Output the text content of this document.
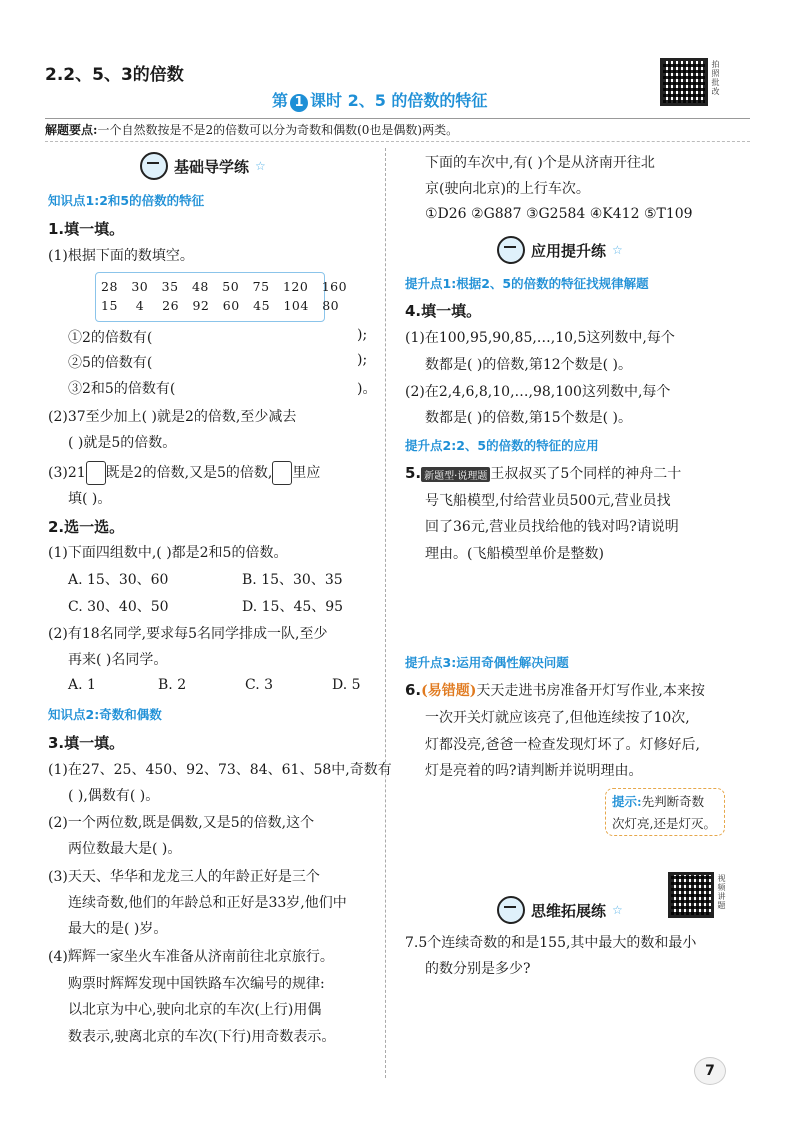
2.2、5、3的倍数
第 1 课时 2、5 的倍数的特征
拍照批改
解题要点:一个自然数按是不是2的倍数可以分为奇数和偶数(0也是偶数)两类。
基础导学练 ☆
知识点1:2和5的倍数的特征
1.填一填。
(1)根据下面的数填空。
28   30   35   48   50   75   120   160
15    4    26   92   60   45   104   80
①2的倍数有(	);
②5的倍数有(	);
③2和5的倍数有(	)。
(2)37至少加上( )就是2的倍数,至少减去
( )就是5的倍数。
(3)21 既是2的倍数,又是5的倍数, 里应
填( )。
2.选一选。
(1)下面四组数中,( )都是2和5的倍数。
A. 15、30、60	B. 15、30、35
C. 30、40、50	D. 15、45、95
(2)有18名同学,要求每5名同学排成一队,至少
再来( )名同学。
A. 1	B. 2	C. 3	D. 5
知识点2:奇数和偶数
3.填一填。
(1)在27、25、450、92、73、84、61、58中,奇数有
( ),偶数有( )。
(2)一个两位数,既是偶数,又是5的倍数,这个
两位数最大是( )。
(3)天天、华华和龙龙三人的年龄正好是三个
连续奇数,他们的年龄总和正好是33岁,他们中
最大的是( )岁。
(4)辉辉一家坐火车准备从济南前往北京旅行。
购票时辉辉发现中国铁路车次编号的规律:
以北京为中心,驶向北京的车次(上行)用偶
数表示,驶离北京的车次(下行)用奇数表示。
下面的车次中,有( )个是从济南开往北
京(驶向北京)的上行车次。
①D26 ②G887 ③G2584 ④K412 ⑤T109
应用提升练 ☆
提升点1:根据2、5的倍数的特征找规律解题
4.填一填。
(1)在100,95,90,85,…,10,5这列数中,每个
数都是( )的倍数,第12个数是( )。
(2)在2,4,6,8,10,…,98,100这列数中,每个
数都是( )的倍数,第15个数是( )。
提升点2:2、5的倍数的特征的应用
5. 新题型·说理题 王叔叔买了5个同样的神舟二十
号飞船模型,付给营业员500元,营业员找
回了36元,营业员找给他的钱对吗?请说明
理由。(飞船模型单价是整数)
提升点3:运用奇偶性解决问题
6.(易错题)天天走进书房准备开灯写作业,本来按
一次开关灯就应该亮了,但他连续按了10次,
灯都没亮,爸爸一检查发现灯坏了。灯修好后,
灯是亮着的吗?请判断并说明理由。
提示:先判断奇数
次灯亮,还是灯灭。
思维拓展练 ☆	视频讲题
7.5个连续奇数的和是155,其中最大的数和最小
的数分别是多少?
7
